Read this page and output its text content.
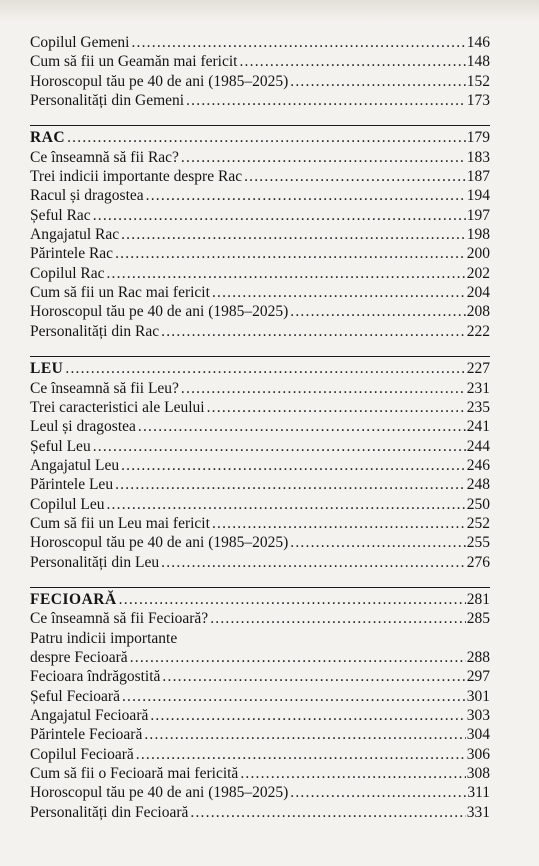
Copilul Gemeni .....	146
Cum să fii un Geamăn mai fericit .....	148
Horoscopul tău pe 40 de ani (1985–2025) .....	152
Personalități din Gemeni .....	173
RAC .....	179
Ce înseamnă să fii Rac? .....	183
Trei indicii importante despre Rac .....	187
Racul și dragostea .....	194
Șeful Rac .....	197
Angajatul Rac .....	198
Părintele Rac .....	200
Copilul Rac .....	202
Cum să fii un Rac mai fericit .....	204
Horoscopul tău pe 40 de ani (1985–2025) .....	208
Personalități din Rac .....	222
LEU .....	227
Ce înseamnă să fii Leu? .....	231
Trei caracteristici ale Leului .....	235
Leul și dragostea .....	241
Șeful Leu .....	244
Angajatul Leu .....	246
Părintele Leu .....	248
Copilul Leu .....	250
Cum să fii un Leu mai fericit .....	252
Horoscopul tău pe 40 de ani (1985–2025) .....	255
Personalități din Leu .....	276
FECIOARĂ .....	281
Ce înseamnă să fii Fecioară? .....	285
Patru indicii importante
despre Fecioară .....	288
Fecioara îndrăgostită .....	297
Șeful Fecioară .....	301
Angajatul Fecioară .....	303
Părintele Fecioară .....	304
Copilul Fecioară .....	306
Cum să fii o Fecioară mai fericită .....	308
Horoscopul tău pe 40 de ani (1985–2025) .....	311
Personalități din Fecioară .....	331
